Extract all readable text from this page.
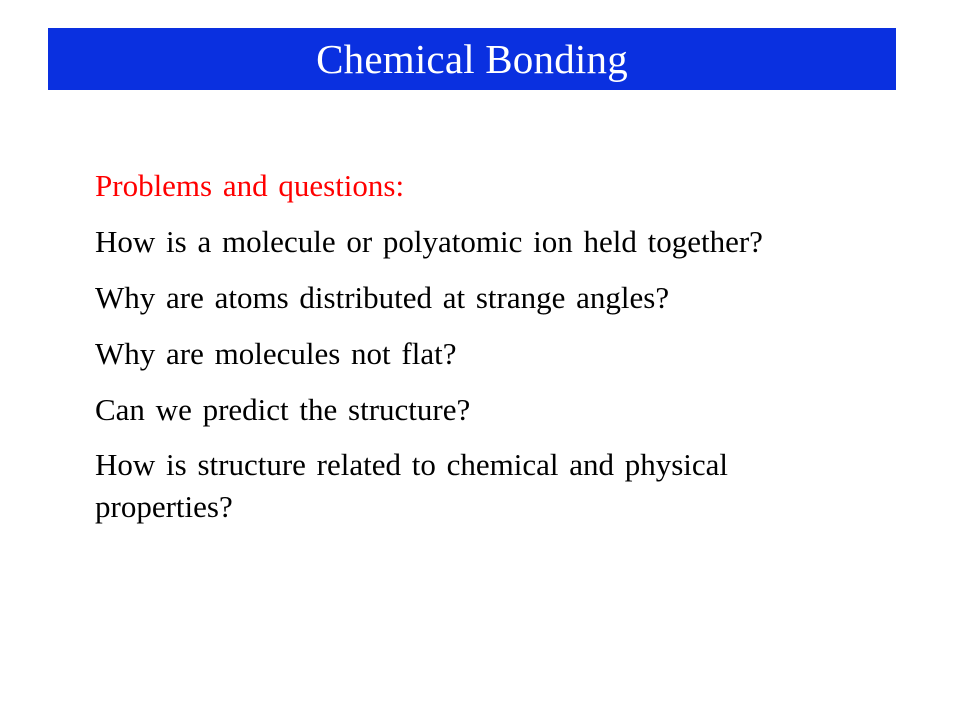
Chemical Bonding

Problems and questions:

How is a molecule or polyatomic ion held together?

Why are atoms distributed at strange angles?

Why are molecules not flat?

Can we predict the structure?

How is structure related to chemical and physical properties?
